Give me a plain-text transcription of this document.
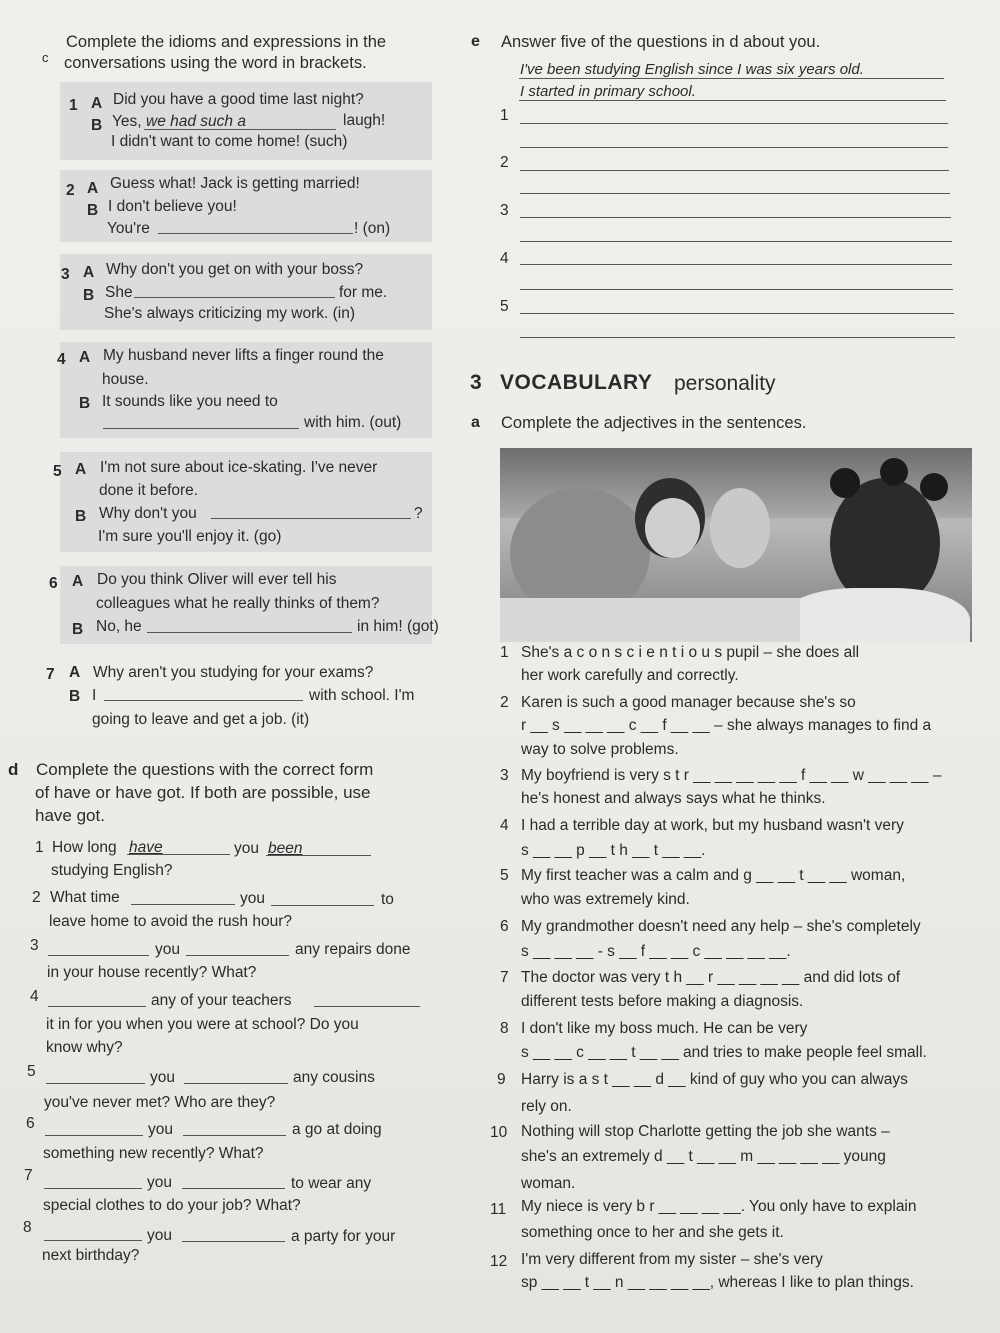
c
Complete the idioms and expressions in the
conversations using the word in brackets.
1 A Did you have a good time last night?
B Yes, we had such a	laugh!
I didn't want to come home! (such)
2 A Guess what! Jack is getting married!
B I don't believe you!
You're	! (on)
3 A Why don't you get on with your boss?
B She	for me.
She's always criticizing my work. (in)
4 A My husband never lifts a finger round the
house.
B It sounds like you need to
with him. (out)
5 A I'm not sure about ice-skating. I've never
done it before.
B Why don't you	?
I'm sure you'll enjoy it. (go)
6 A Do you think Oliver will ever tell his
colleagues what he really thinks of them?
B No, he	in him! (got)
7 A Why aren't you studying for your exams?
B I	with school. I'm
going to leave and get a job. (it)
d Complete the questions with the correct form
of have or have got. If both are possible, use
have got.
1 How long have	you been
studying English?
2 What time	you	to
leave home to avoid the rush hour?
3	you	any repairs done
in your house recently? What?
4	any of your teachers
it in for you when you were at school? Do you
know why?
5	you	any cousins
you've never met? Who are they?
6	you	a go at doing
something new recently? What?
7	you	to wear any
special clothes to do your job? What?
8	you	a party for your
next birthday?
e Answer five of the questions in d about you.
I've been studying English since I was six years old.
I started in primary school.
1
2
3
4
5
3 VOCABULARY personality
a Complete the adjectives in the sentences.
1 She's a c o n s c i e n t i o u s pupil – she does all
her work carefully and correctly.
2 Karen is such a good manager because she's so
r __ s __ __ __ c __ f __ __ – she always manages to find a
way to solve problems.
3 My boyfriend is very s t r __ __ __ __ __ f __ __ w __ __ __ –
he's honest and always says what he thinks.
4 I had a terrible day at work, but my husband wasn't very
s __ __ p __ t h __ t __ __.
5 My first teacher was a calm and g __ __ t __ __ woman,
who was extremely kind.
6 My grandmother doesn't need any help – she's completely
s __ __ __ - s __ f __ __ c __ __ __ __.
7 The doctor was very t h __ r __ __ __ __ and did lots of
different tests before making a diagnosis.
8 I don't like my boss much. He can be very
s __ __ c __ __ t __ __ and tries to make people feel small.
9 Harry is a s t __ __ d __ kind of guy who you can always
rely on.
10 Nothing will stop Charlotte getting the job she wants –
she's an extremely d __ t __ __ m __ __ __ __ young
woman.
11 My niece is very b r __ __ __ __. You only have to explain
something once to her and she gets it.
12 I'm very different from my sister – she's very
sp __ __ t __ n __ __ __ __, whereas I like to plan things.
